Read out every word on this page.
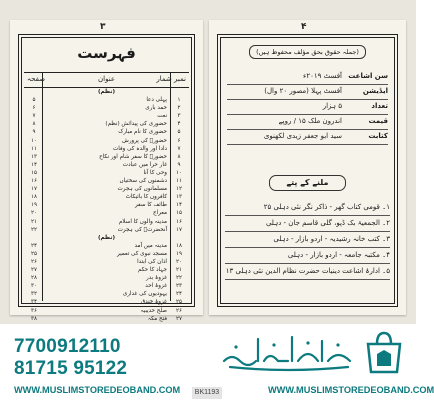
۳
فہرست
نمبر شمار
عنوان
صفحہ
(نظم)
۵	پہلی دعا	۱
۶	حمد باری	۲
۷	نعت	۳
۸	حضوری کی پیدائش (نظم)	۴
۹	حضوری کا نام مبارک	۵
۱۰	حضورؐ کی پرورش	۶
۱۱	دادا اور والدہ کی وفات	۷
۱۳	حضورؐ کا سفر شام اور نکاح	۸
۱۴	غار حرا میں عبادت	۹
۱۵	وحی کا آنا	۱۰
۱۶	دشمنوں کی سختیاں	۱۱
۱۷	مسلمانوں کی ہجرت	۱۲
۱۸	کافروں کا بائیکاٹ	۱۳
۱۹	طائف کا سفر	۱۴
۲۰	معراج	۱۵
۲۱	مدینہ والوں کا اسلام	۱۶
۲۲	آنحضرتؐ کی ہجرت	۱۷
(نظم)
۲۴	مدینہ میں آمد	۱۸
۲۵	مسجد نبوی کی تعمیر	۱۹
۲۶	اذان کی ابتدا	۲۰
۲۷	جہاد کا حکم	۲۱
۲۸	غزوۂ بدر	۲۲
۳۰	غزوۂ احد	۲۳
۳۲	یہودیوں کی غداری	۲۴
۳۴	غزوۂ خندق	۲۵
۳۶	صلح حدیبیہ	۲۶
۳۸	فتح مکہ	۲۷
۴
(جملہ حقوق بحق مؤلف محفوظ ہیں)
سن اشاعت
آفسٹ ۲۰۱۹ء
ایڈیشن
آفسٹ پہلا (مصور ۲۰ وال)
تعداد
۵ ہزار
قیمت
اندرون ملک ۱۵ / روپے
کتابت
سید ابو جعفر زیدی لکھنوی
ملنے کے پتے
۱۔ قومی کتاب گھر - ذاکر نگر نئی دہلی ۲۵
۲۔ الجمعیۃ بک ڈپو، گلی قاسم جان - دہلی
۳۔ کتب خانہ رشیدیہ - اردو بازار - دہلی
۴۔ مکتبہ جامعہ - اردو بازار - دہلی
۵۔ ادارۂ اشاعت دینیات حضرت نظام الدین نئی دہلی ۱۳
7700912110
81715 95122
WWW.MUSLIMSTOREDEOBAND.COM	BK1193	WWW.MUSLIMSTOREDEOBAND.COM
